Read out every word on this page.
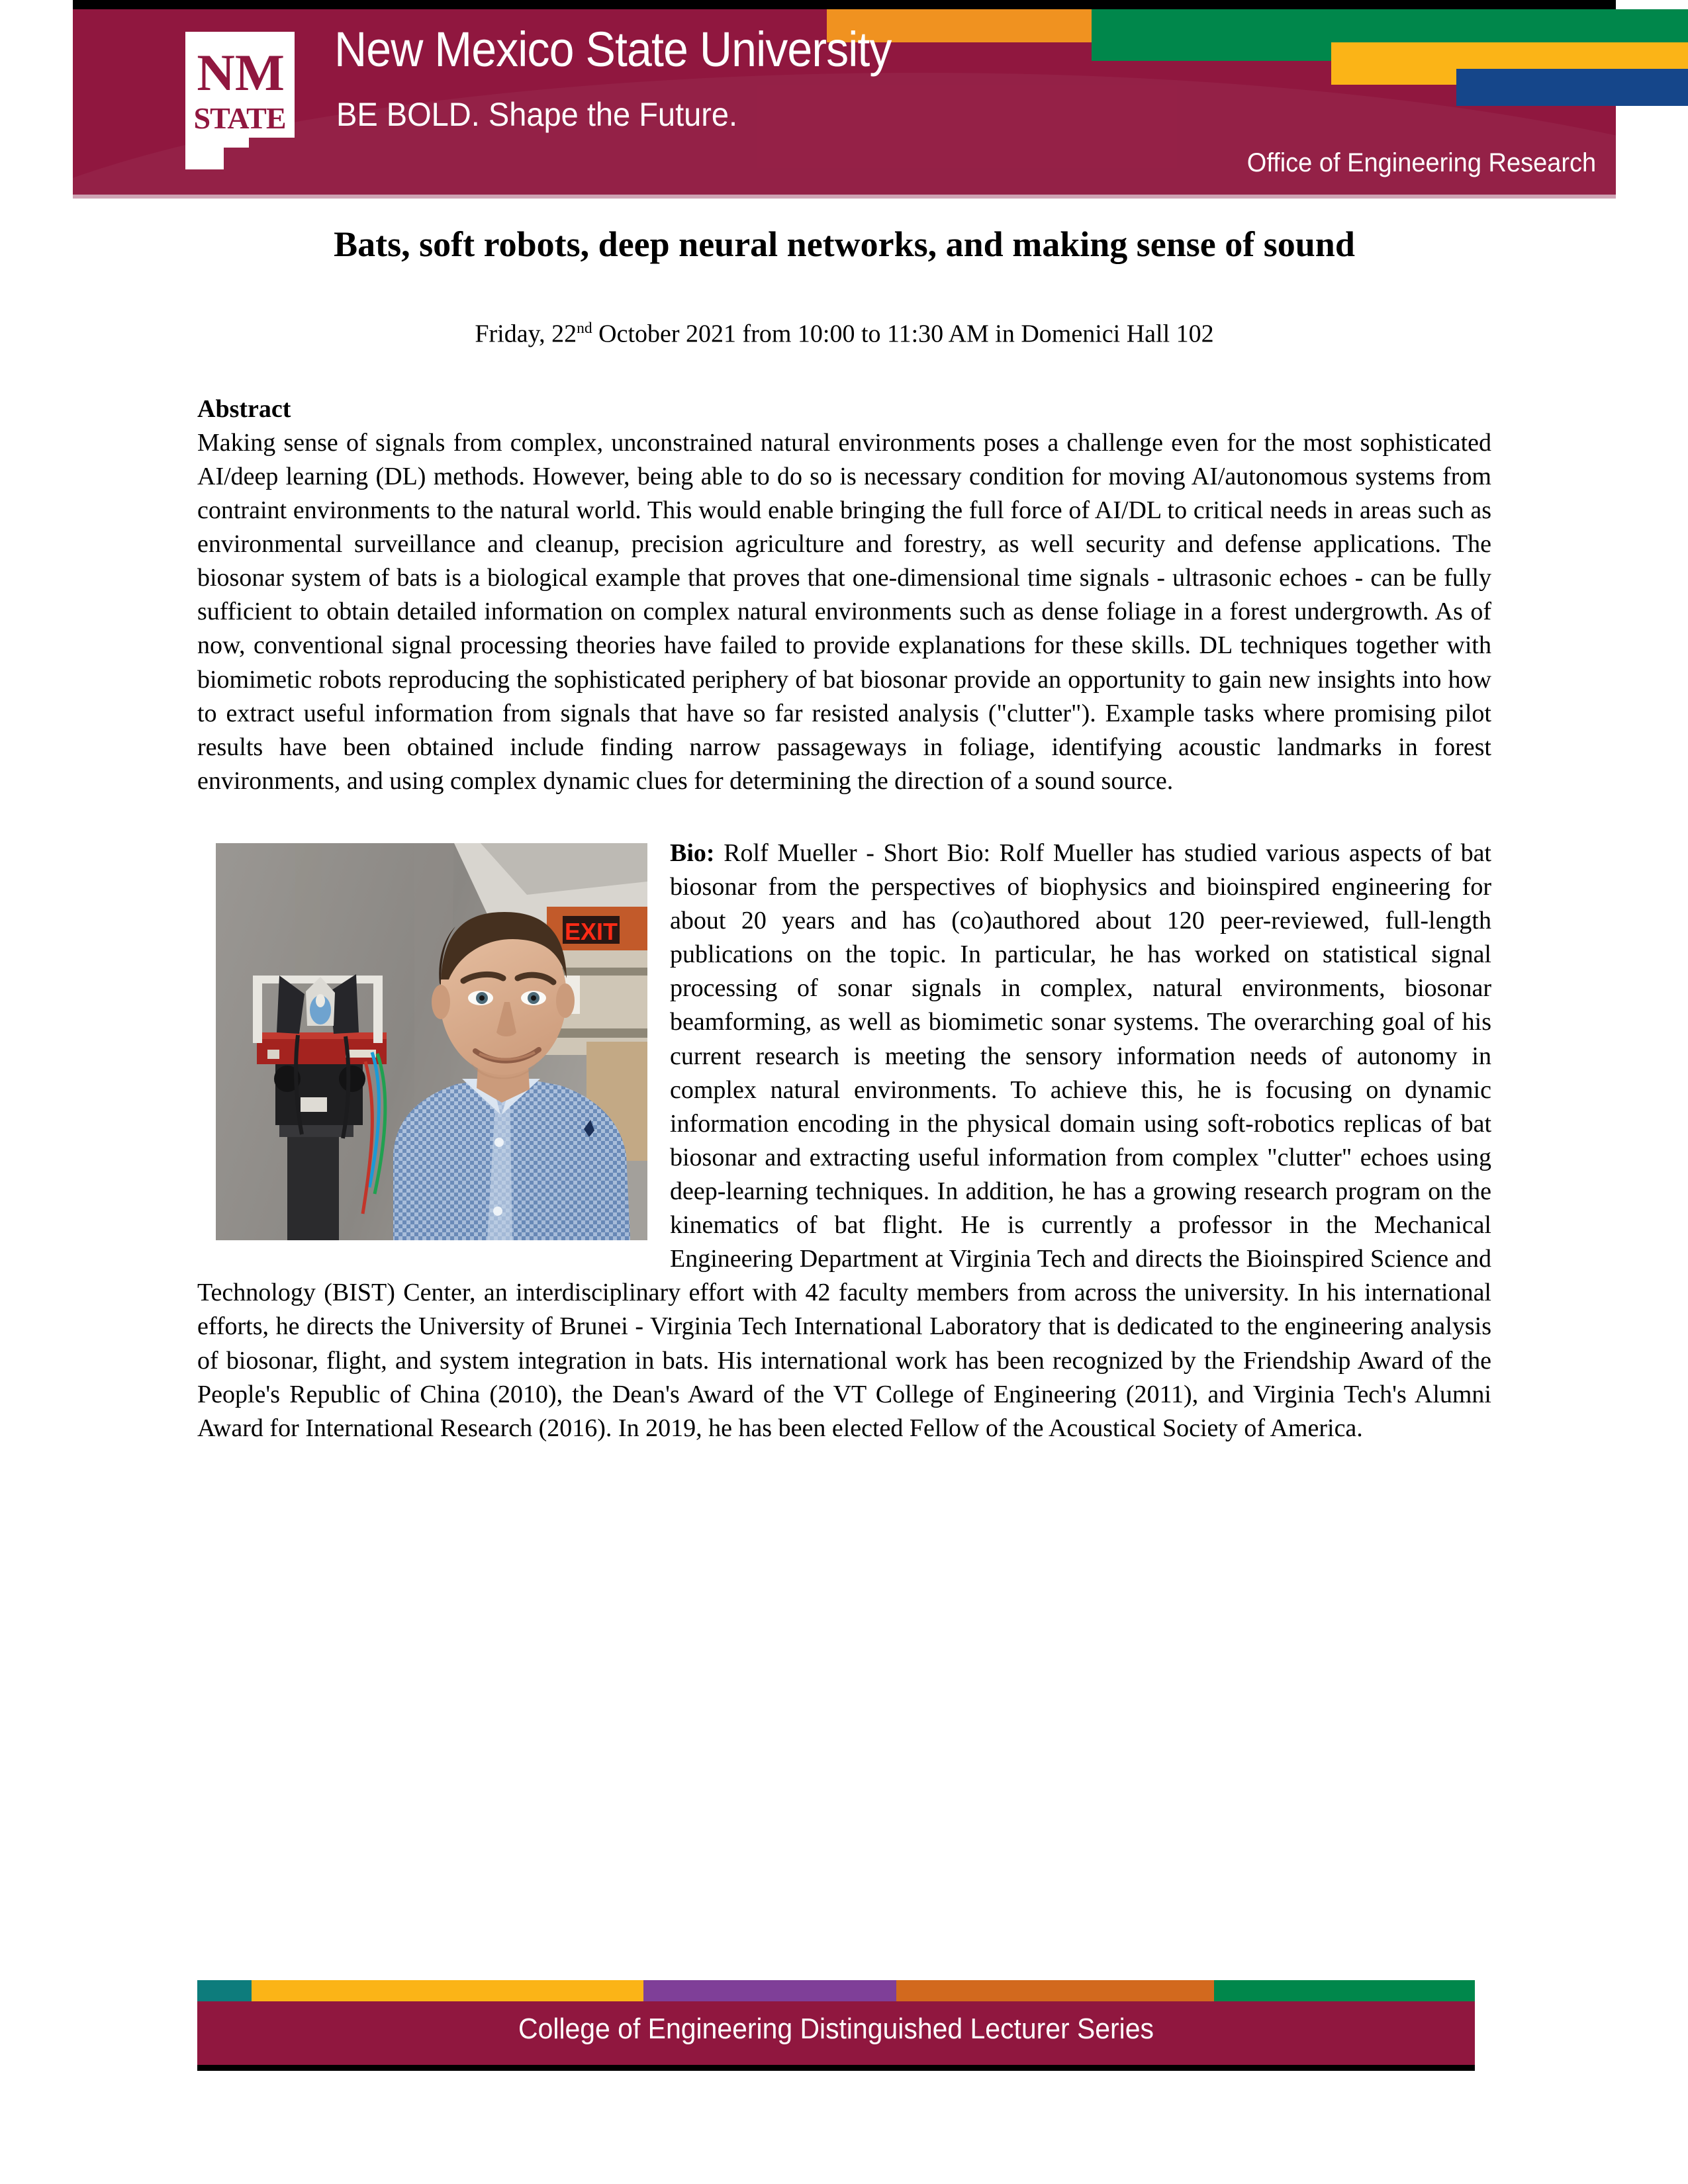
NM
STATE
New Mexico State University
BE BOLD. Shape the Future.
Office of Engineering Research
Bats, soft robots, deep neural networks, and making sense of sound
Friday, 22nd October 2021 from 10:00 to 11:30 AM in Domenici Hall 102
Abstract

Making sense of signals from complex, unconstrained natural environments poses a challenge even for the most sophisticated AI/deep learning (DL) methods. However, being able to do so is necessary condition for moving AI/autonomous systems from contraint environments to the natural world. This would enable bringing the full force of AI/DL to critical needs in areas such as environmental surveillance and cleanup, precision agriculture and forestry, as well security and defense applications. The biosonar system of bats is a biological example that proves that one-dimensional time signals - ultrasonic echoes - can be fully sufficient to obtain detailed information on complex natural environments such as dense foliage in a forest undergrowth. As of now, conventional signal processing theories have failed to provide explanations for these skills. DL techniques together with biomimetic robots reproducing the sophisticated periphery of bat biosonar provide an opportunity to gain new insights into how to extract useful information from signals that have so far resisted analysis ("clutter"). Example tasks where promising pilot results have been obtained include finding narrow passageways in foliage, identifying acoustic landmarks in forest environments, and using complex dynamic clues for determining the direction of a sound source.

EXIT
Bio: Rolf Mueller - Short Bio: Rolf Mueller has studied various aspects of bat biosonar from the perspectives of biophysics and bioinspired engineering for about 20 years and has (co)authored about 120 peer-reviewed, full-length publications on the topic. In particular, he has worked on statistical signal processing of sonar signals in complex, natural environments, biosonar beamforming, as well as biomimetic sonar systems. The overarching goal of his current research is meeting the sensory information needs of autonomy in complex natural environments. To achieve this, he is focusing on dynamic information encoding in the physical domain using soft-robotics replicas of bat biosonar and extracting useful information from complex "clutter" echoes using deep-learning techniques. In addition, he has a growing research program on the kinematics of bat flight. He is currently a professor in the Mechanical Engineering Department at Virginia Tech and directs the Bioinspired Science and Technology (BIST) Center, an interdisciplinary effort with 42 faculty members from across the university. In his international efforts, he directs the University of Brunei - Virginia Tech International Laboratory that is dedicated to the engineering analysis of biosonar, flight, and system integration in bats. His international work has been recognized by the Friendship Award of the People's Republic of China (2010), the Dean's Award of the VT College of Engineering (2011), and Virginia Tech's Alumni Award for International Research (2016). In 2019, he has been elected Fellow of the Acoustical Society of America.
College of Engineering Distinguished Lecturer Series
